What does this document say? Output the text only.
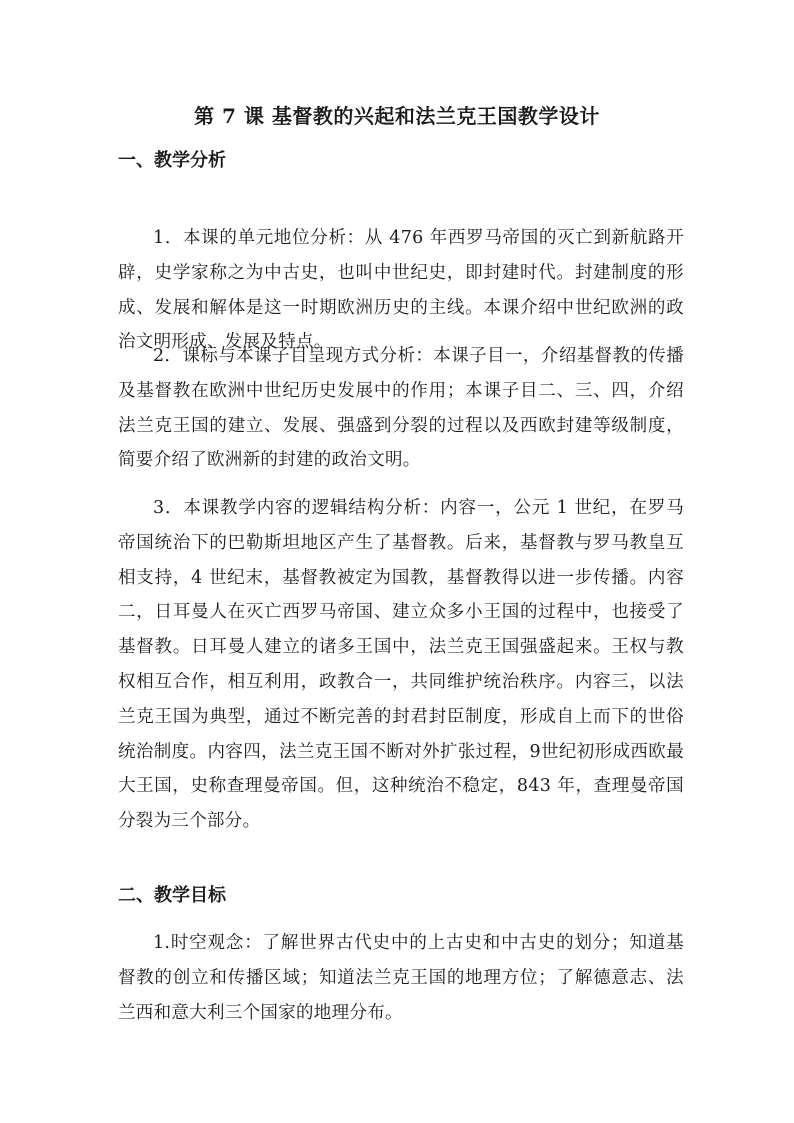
第 7 课 基督教的兴起和法兰克王国教学设计
一、教学分析

1．本课的单元地位分析：从 476 年西罗马帝国的灭亡到新航路开辟，史学家称之为中古史，也叫中世纪史，即封建时代。封建制度的形成、发展和解体是这一时期欧洲历史的主线。本课介绍中世纪欧洲的政治文明形成、发展及特点。

2．课标与本课子目呈现方式分析：本课子目一，介绍基督教的传播及基督教在欧洲中世纪历史发展中的作用；本课子目二、三、四，介绍法兰克王国的建立、发展、强盛到分裂的过程以及西欧封建等级制度，简要介绍了欧洲新的封建的政治文明。

3．本课教学内容的逻辑结构分析：内容一，公元 1 世纪，在罗马帝国统治下的巴勒斯坦地区产生了基督教。后来，基督教与罗马教皇互相支持，4 世纪末，基督教被定为国教，基督教得以进一步传播。内容二，日耳曼人在灭亡西罗马帝国、建立众多小王国的过程中，也接受了基督教。日耳曼人建立的诸多王国中，法兰克王国强盛起来。王权与教权相互合作，相互利用，政教合一，共同维护统治秩序。内容三，以法兰克王国为典型，通过不断完善的封君封臣制度，形成自上而下的世俗统治制度。内容四，法兰克王国不断对外扩张过程，9世纪初形成西欧最大王国，史称查理曼帝国。但，这种统治不稳定，843 年，查理曼帝国分裂为三个部分。

二、教学目标

1.时空观念：了解世界古代史中的上古史和中古史的划分；知道基督教的创立和传播区域；知道法兰克王国的地理方位；了解德意志、法兰西和意大利三个国家的地理分布。
